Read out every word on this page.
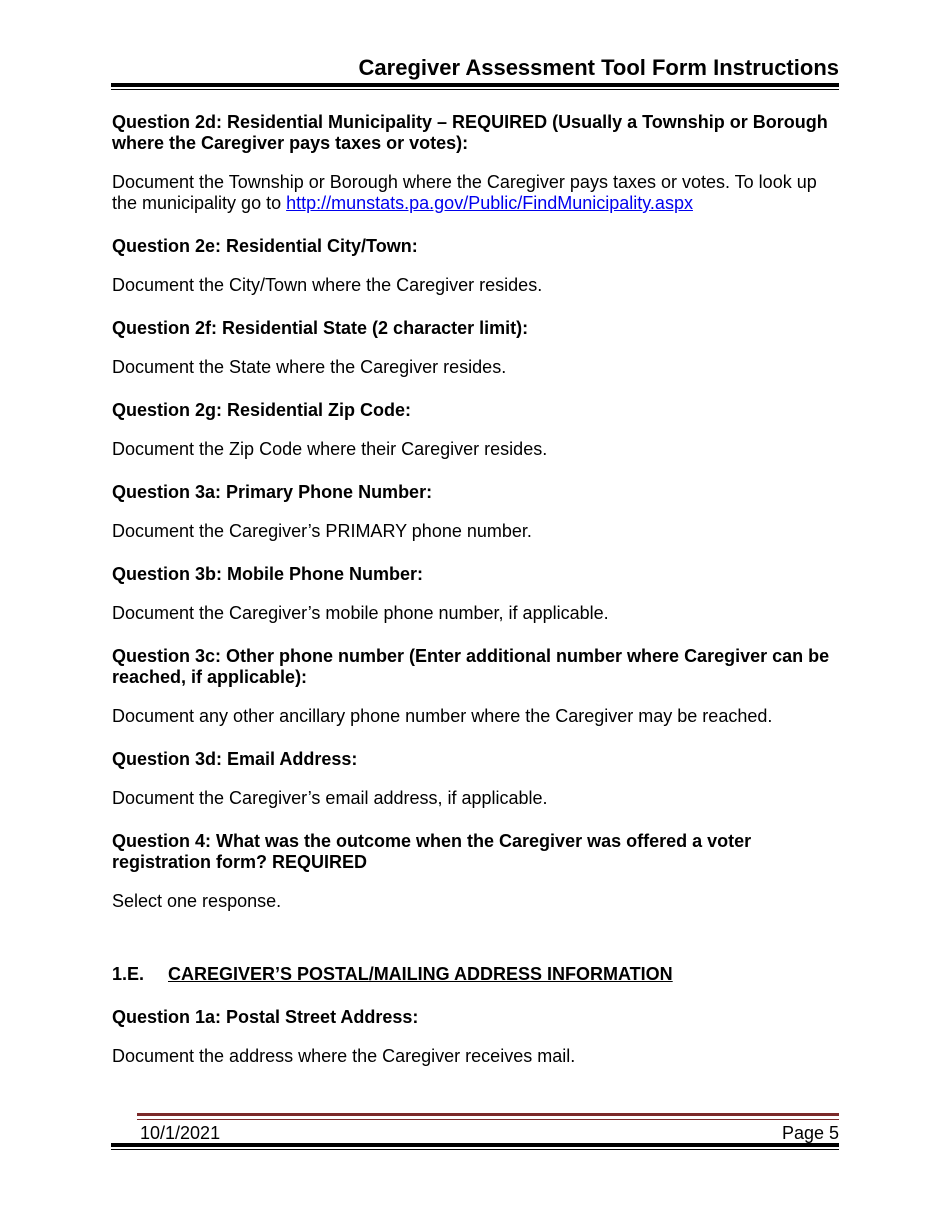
Caregiver Assessment Tool Form Instructions
Question 2d: Residential Municipality – REQUIRED (Usually a Township or Borough where the Caregiver pays taxes or votes):
Document the Township or Borough where the Caregiver pays taxes or votes. To look up the municipality go to http://munstats.pa.gov/Public/FindMunicipality.aspx
Question 2e: Residential City/Town:
Document the City/Town where the Caregiver resides.
Question 2f: Residential State (2 character limit):
Document the State where the Caregiver resides.
Question 2g: Residential Zip Code:
Document the Zip Code where their Caregiver resides.
Question 3a: Primary Phone Number:
Document the Caregiver’s PRIMARY phone number.
Question 3b: Mobile Phone Number:
Document the Caregiver’s mobile phone number, if applicable.
Question 3c: Other phone number (Enter additional number where Caregiver can be reached, if applicable):
Document any other ancillary phone number where the Caregiver may be reached.
Question 3d: Email Address:
Document the Caregiver’s email address, if applicable.
Question 4: What was the outcome when the Caregiver was offered a voter registration form? REQUIRED
Select one response.
1.E. CAREGIVER’S POSTAL/MAILING ADDRESS INFORMATION
Question 1a: Postal Street Address:
Document the address where the Caregiver receives mail.
10/1/2021	Page 5
